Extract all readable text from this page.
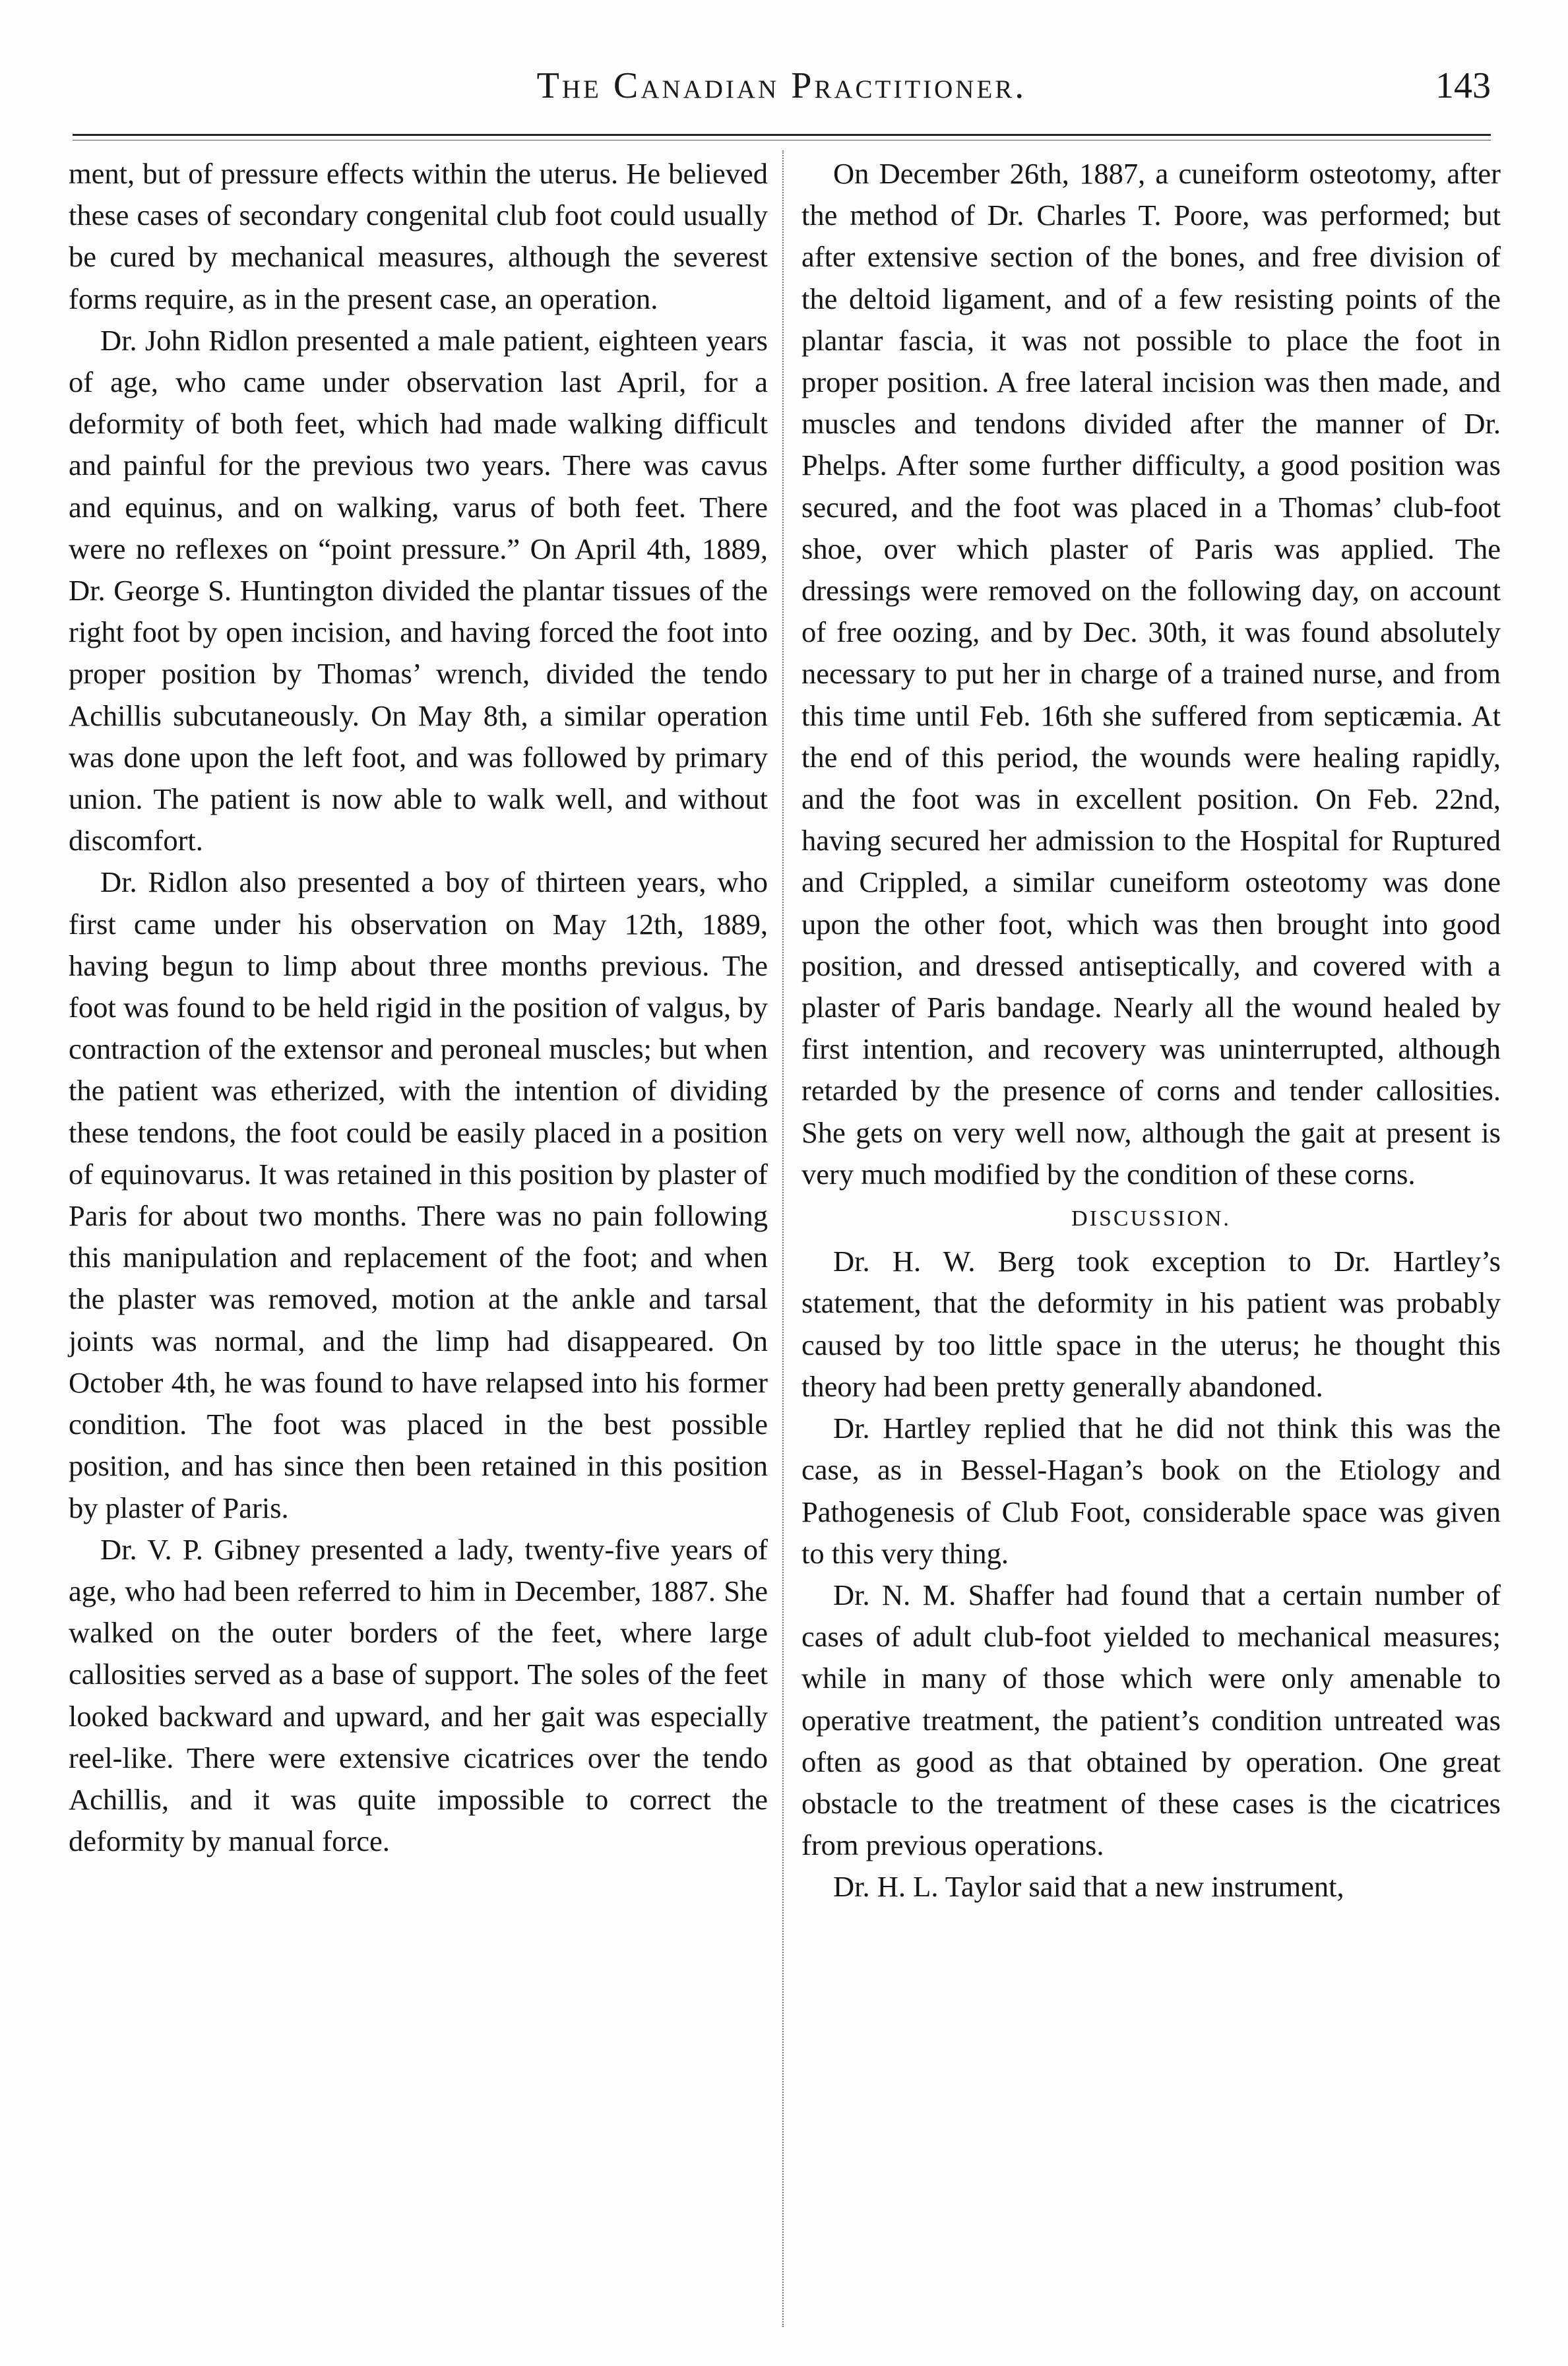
The Canadian Practitioner.	143

ment, but of pressure effects within the uterus. He believed these cases of secondary congenital club foot could usually be cured by mechanical measures, although the severest forms require, as in the present case, an operation.

Dr. John Ridlon presented a male patient, eighteen years of age, who came under observation last April, for a deformity of both feet, which had made walking difficult and painful for the previous two years. There was cavus and equinus, and on walking, varus of both feet. There were no reflexes on “point pressure.” On April 4th, 1889, Dr. George S. Huntington divided the plantar tissues of the right foot by open incision, and having forced the foot into proper position by Thomas’ wrench, divided the tendo Achillis subcutaneously. On May 8th, a similar operation was done upon the left foot, and was followed by primary union. The patient is now able to walk well, and without discomfort.

Dr. Ridlon also presented a boy of thirteen years, who first came under his observation on May 12th, 1889, having begun to limp about three months previous. The foot was found to be held rigid in the position of valgus, by contraction of the extensor and peroneal muscles; but when the patient was etherized, with the intention of dividing these tendons, the foot could be easily placed in a position of equinovarus. It was retained in this position by plaster of Paris for about two months. There was no pain following this manipulation and replacement of the foot; and when the plaster was removed, motion at the ankle and tarsal joints was normal, and the limp had disappeared. On October 4th, he was found to have relapsed into his former condition. The foot was placed in the best possible position, and has since then been retained in this position by plaster of Paris.

Dr. V. P. Gibney presented a lady, twenty-five years of age, who had been referred to him in December, 1887. She walked on the outer borders of the feet, where large callosities served as a base of support. The soles of the feet looked backward and upward, and her gait was especially reel-like. There were extensive cicatrices over the tendo Achillis, and it was quite impossible to correct the deformity by manual force.

On December 26th, 1887, a cuneiform osteotomy, after the method of Dr. Charles T. Poore, was performed; but after extensive section of the bones, and free division of the deltoid ligament, and of a few resisting points of the plantar fascia, it was not possible to place the foot in proper position. A free lateral incision was then made, and muscles and tendons divided after the manner of Dr. Phelps. After some further difficulty, a good position was secured, and the foot was placed in a Thomas’ club-foot shoe, over which plaster of Paris was applied. The dressings were removed on the following day, on account of free oozing, and by Dec. 30th, it was found absolutely necessary to put her in charge of a trained nurse, and from this time until Feb. 16th she suffered from septicæmia. At the end of this period, the wounds were healing rapidly, and the foot was in excellent position. On Feb. 22nd, having secured her admission to the Hospital for Ruptured and Crippled, a similar cuneiform osteotomy was done upon the other foot, which was then brought into good position, and dressed antiseptically, and covered with a plaster of Paris bandage. Nearly all the wound healed by first intention, and recovery was uninterrupted, although retarded by the presence of corns and tender callosities. She gets on very well now, although the gait at present is very much modified by the condition of these corns.

DISCUSSION.

Dr. H. W. Berg took exception to Dr. Hartley’s statement, that the deformity in his patient was probably caused by too little space in the uterus; he thought this theory had been pretty generally abandoned.

Dr. Hartley replied that he did not think this was the case, as in Bessel-Hagan’s book on the Etiology and Pathogenesis of Club Foot, considerable space was given to this very thing.

Dr. N. M. Shaffer had found that a certain number of cases of adult club-foot yielded to mechanical measures; while in many of those which were only amenable to operative treatment, the patient’s condition untreated was often as good as that obtained by operation. One great obstacle to the treatment of these cases is the cicatrices from previous operations.

Dr. H. L. Taylor said that a new instrument,
